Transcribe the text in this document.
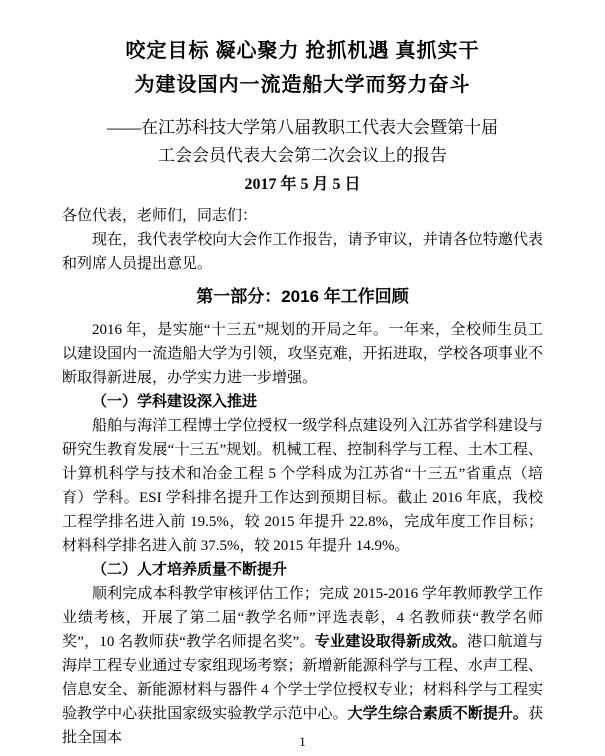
咬定目标 凝心聚力 抢抓机遇 真抓实干
为建设国内一流造船大学而努力奋斗
——在江苏科技大学第八届教职工代表大会暨第十届
工会会员代表大会第二次会议上的报告
2017 年 5 月 5 日

各位代表，老师们，同志们：

现在，我代表学校向大会作工作报告，请予审议，并请各位特邀代表和列席人员提出意见。

第一部分：2016 年工作回顾

2016 年，是实施“十三五”规划的开局之年。一年来，全校师生员工以建设国内一流造船大学为引领，攻坚克难，开拓进取，学校各项事业不断取得新进展，办学实力进一步增强。

（一）学科建设深入推进

船舶与海洋工程博士学位授权一级学科点建设列入江苏省学科建设与研究生教育发展“十三五”规划。机械工程、控制科学与工程、土木工程、计算机科学与技术和冶金工程 5 个学科成为江苏省“十三五”省重点（培育）学科。ESI 学科排名提升工作达到预期目标。截止 2016 年底，我校工程学排名进入前 19.5%，较 2015 年提升 22.8%，完成年度工作目标；材料科学排名进入前 37.5%，较 2015 年提升 14.9%。

（二）人才培养质量不断提升

顺利完成本科教学审核评估工作；完成 2015-2016 学年教师教学工作业绩考核，开展了第二届“教学名师”评选表彰，4 名教师获“教学名师奖”，10 名教师获“教学名师提名奖”。专业建设取得新成效。港口航道与海岸工程专业通过专家组现场考察；新增新能源科学与工程、水声工程、信息安全、新能源材料与器件 4 个学士学位授权专业；材料科学与工程实验教学中心获批国家级实验教学示范中心。大学生综合素质不断提升。获批全国本	1
